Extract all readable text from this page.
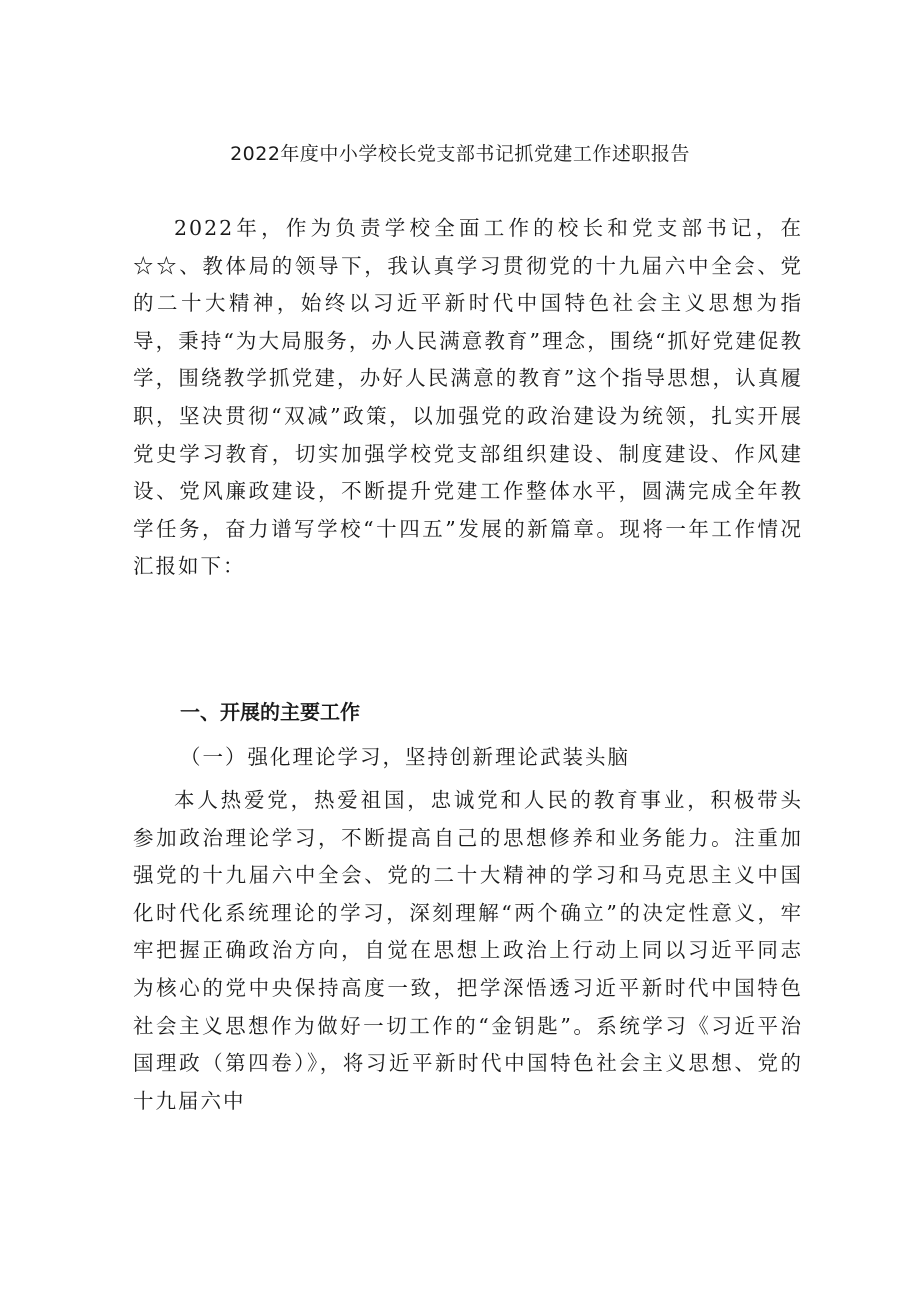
2022年度中小学校长党支部书记抓党建工作述职报告

2022年，作为负责学校全面工作的校长和党支部书记，在☆☆、教体局的领导下，我认真学习贯彻党的十九届六中全会、党的二十大精神，始终以习近平新时代中国特色社会主义思想为指导，秉持“为大局服务，办人民满意教育”理念，围绕“抓好党建促教学，围绕教学抓党建，办好人民满意的教育”这个指导思想，认真履职，坚决贯彻“双减”政策，以加强党的政治建设为统领，扎实开展党史学习教育，切实加强学校党支部组织建设、制度建设、作风建设、党风廉政建设，不断提升党建工作整体水平，圆满完成全年教学任务，奋力谱写学校“十四五”发展的新篇章。现将一年工作情况汇报如下：

一、开展的主要工作

（一）强化理论学习，坚持创新理论武装头脑

本人热爱党，热爱祖国，忠诚党和人民的教育事业，积极带头参加政治理论学习，不断提高自己的思想修养和业务能力。注重加强党的十九届六中全会、党的二十大精神的学习和马克思主义中国化时代化系统理论的学习，深刻理解“两个确立”的决定性意义，牢牢把握正确政治方向，自觉在思想上政治上行动上同以习近平同志为核心的党中央保持高度一致，把学深悟透习近平新时代中国特色社会主义思想作为做好一切工作的“金钥匙”。系统学习《习近平治国理政（第四卷）》，将习近平新时代中国特色社会主义思想、党的十九届六中
